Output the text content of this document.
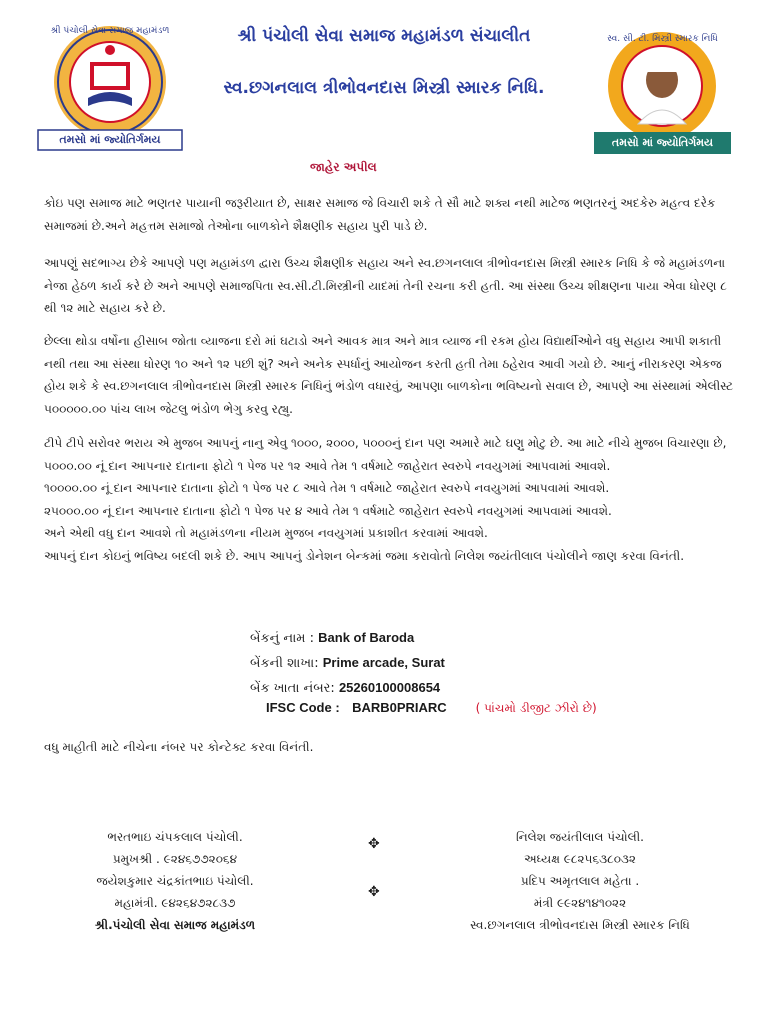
શ્રી પંચોલી સેવા સમાજ મહામંડળ સંચાલીત
સ્વ.છગનલાલ ત્રીભોવનદાસ મિસ્ત્રી સ્મારક નિધિ.
તમસો માં જ્યોતિર્ગમય
શ્રી પંચોલી સેવા સમાજ મહામંડળ
તમસો માં જ્યોતિર્ગમય
સ્વ. સી. ટી. મિસ્ત્રી સ્મારક નિધિ
જાહેર અપીલ
કોઇ પણ સમાજ માટે ભણતર પાયાની જરૂરીયાત છે, સાક્ષર સમાજ જે વિચારી શકે તે સૌ માટે શક્ય નથી માટેજ ભણતરનું અદકેરુ મહત્વ દરેક સમાજમાં છે.અને મહત્તમ સમાજો તેઓના બાળકોને શૈક્ષણીક સહાય પુરી પાડે છે.
આપણું સદભાગ્ય છેકે આપણે પણ મહામંડળ દ્વારા ઉચ્ચ શૈક્ષણીક સહાય અને સ્વ.છગનલાલ ત્રીભોવનદાસ મિસ્ત્રી સ્મારક નિધિ કે જે મહામંડળના નેજા હેઠળ કાર્ય કરે છે અને આપણે સમાજપિતા સ્વ.સી.ટી.મિસ્ત્રીની યાદમાં તેની રચના કરી હતી. આ સંસ્થા ઉચ્ચ શીક્ષણના પાયા એવા ધોરણ ૮ થી ૧૨ માટે સહાય કરે છે.
છેલ્લા થોડા વર્ષોના હીસાબ જોતા વ્યાજના દરો માં ઘટાડો અને આવક માત્ર અને માત્ર વ્યાજ ની રકમ હોય વિદ્યાર્થીઓને વધુ સહાય આપી શકાતી નથી તથા આ સંસ્થા ધોરણ ૧૦ અને ૧૨ પછી શું? અને અનેક સ્પર્ધાનું આયોજન કરતી હતી તેમા ઠહેરાવ આવી ગયો છે. આનું નીરાકરણ એકજ હોય શકે કે સ્વ.છગનલાલ ત્રીભોવનદાસ મિસ્ત્રી સ્મારક નિધિનું ભંડોળ વધારવું, આપણા બાળકોના ભવિષ્યનો સવાલ છે, આપણે આ સંસ્થામાં એલીસ્ટ ૫૦૦૦૦૦.૦૦ પાંચ લાખ જેટલુ ભંડોળ ભેગુ કરવુ રહ્યુ.
ટીપે ટીપે સરોવર ભરાય એ મુજબ આપનું નાનુ એવુ ૧૦૦૦, ૨૦૦૦, ૫૦૦૦નું દાન પણ અમારે માટે ઘણુ મોટુ છે. આ માટે નીચે મુજબ વિચારણા છે,
૫૦૦૦.૦૦ નૂં દાન આપનાર દાતાના ફોટો ૧ પેજ પર ૧૨ આવે તેમ ૧ વર્ષમાટે જાહેરાત સ્વરુપે નવયુગમાં આપવામાં આવશે.
૧૦૦૦૦.૦૦ નૂં દાન આપનાર દાતાના ફોટો ૧ પેજ પર ૮ આવે તેમ ૧ વર્ષમાટે જાહેરાત સ્વરુપે નવયુગમાં આપવામાં આવશે.
૨૫૦૦૦.૦૦ નૂં દાન આપનાર દાતાના ફોટો ૧ પેજ પર ૪ આવે તેમ ૧ વર્ષમાટે જાહેરાત સ્વરુપે નવયુગમાં આપવામાં આવશે.
અને એથી વધુ દાન આવશે તો મહામંડળના નીયમ મુજબ નવયુગમાં પ્રકાશીત કરવામાં આવશે.
આપનું દાન કોઇનું ભવિષ્ય બદલી શકે છે. આપ આપનું ડોનેશન બેન્કમાં જમા કરાવોતો નિલેશ જયંતીલાલ પંચોલીને જાણ કરવા વિનંતી.
બેંકનું નામ : Bank of Baroda
બેંકની શાખા: Prime arcade, Surat
બેંક ખાતા નંબર: 25260100008654
IFSC Code : BARB0PRIARC ( પાંચમો ડીજીટ ઝીરો છે)
વધુ માહીતી માટે નીચેના નંબર પર કોન્ટેક્ટ કરવા વિનંતી.
ભરતભાઇ ચંપકલાલ પંચોલી.
પ્રમુખશ્રી . ૯૨૪૬૭૭૨૦૬૪
જયેશકુમાર ચંદ્રકાંતભાઇ પંચોલી.
મહામંત્રી. ૯૪૨૬૪૭૨૮૩૭
શ્રી.પંચોલી સેવા સમાજ મહામંડળ
✥
✥
નિલેશ જયંતીલાલ પંચોલી.
અધ્યક્ષ ૯૮૨૫૬૩૮૦૩૨
પ્રદિપ અમૃતલાલ મહેતા .
મંત્રી ૯૯૨૪૧૪૧૦૨૨
સ્વ.છગનલાલ ત્રીભોવનદાસ મિસ્ત્રી સ્મારક નિધિ
